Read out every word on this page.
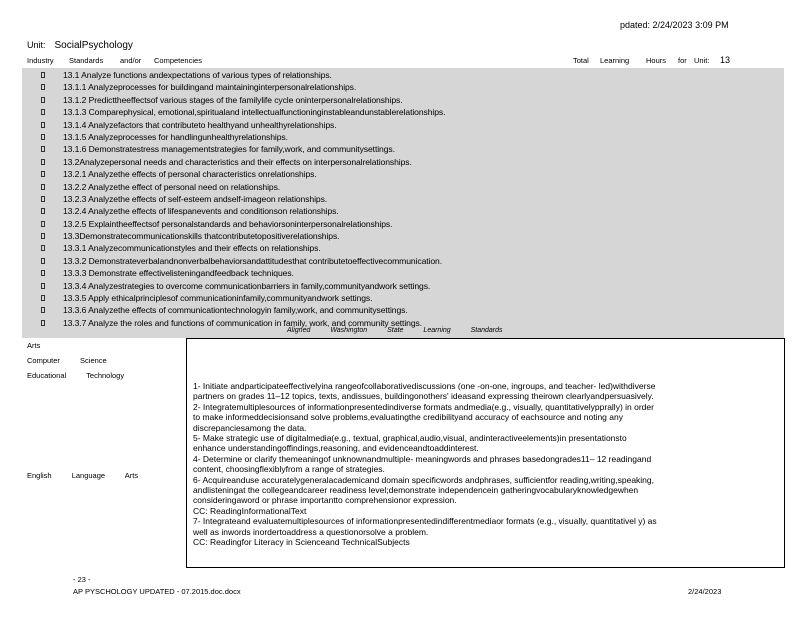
pdated: 2/24/2023 3:09 PM
Unit: SocialPsychology
Industry Standards and/or Competencies	Total Learning Hours for Unit: 13
13.1 Analyze functions andexpectations of various types of relationships.
13.1.1 Analyzeprocesses for buildingand maintaininginterpersonalrelationships.
13.1.2 Predicttheeffectsof various stages of the familylife cycle oninterpersonalrelationships.
13.1.3 Comparephysical, emotional,spiritualand intellectualfunctioninginstableandunstablerelationships.
13.1.4 Analyzefactors that contributeto healthyand unhealthyrelationships.
13.1.5 Analyzeprocesses for handlingunhealthyrelationships.
13.1.6 Demonstratestress managementstrategies for family,work, and communitysettings.
13.2Analyzepersonal needs and characteristics and their effects on interpersonalrelationships.
13.2.1 Analyzethe effects of personal characteristics onrelationships.
13.2.2 Analyzethe effect of personal need on relationships.
13.2.3 Analyzethe effects of self-esteem andself-imageon relationships.
13.2.4 Analyzethe effects of lifespanevents and conditionson relationships.
13.2.5 Explaintheeffectsof personalstandards and behaviorsoninterpersonalrelationships.
13.3Demonstratecommunicationskills thatcontributetopositiverelationships.
13.3.1 Analyzecommunicationstyles and their effects on relationships.
13.3.2 Demonstrateverbalandnonverbalbehaviorsandattitudesthat contributetoeffectivecommunication.
13.3.3 Demonstrate effectivelisteningandfeedback techniques.
13.3.4 Analyzestrategies to overcome communicationbarriers in family,communityandwork settings.
13.3.5 Apply ethicalprinciplesof communicationinfamily,communityandwork settings.
13.3.6 Analyzethe effects of communicationtechnologyin family,work, and communitysettings.
13.3.7 Analyze the roles and functions of communication in family, work, and community settings.
Aligned	Washington	State	Learning	Standards
Arts
Computer	Science
Educational	Technology
English	Language	Arts

1- Initiate andparticipateeffectivelyina rangeofcollaborativediscussions (one -on-one, ingroups, and teacher- led)withdiverse

partners on grades 11–12 topics, texts, andissues, buildingonothers' ideasand expressing theirown clearlyandpersuasively.

2- Integratemultiplesources of informationpresentedindiverse formats andmedia(e.g., visually, quantitativelypprally) in order

to make informeddecisionsand solve problems,evaluatingthe credibilityand accuracy of eachsource and noting any

discrepanciesamong the data.

5- Make strategic use of digitalmedia(e.g., textual, graphical,audio,visual, andinteractiveelements)in presentationsto

enhance understandingoffindings,reasoning, and evidenceandtoaddinterest.

4- Determine or clarify themeaningof unknownandmultiple- meaningwords and phrases basedongrades11– 12 readingand

content, choosingflexiblyfrom a range of strategies.

6- Acquireanduse accuratelygeneralacademicand domain specificwords andphrases, sufficientfor reading,writing,speaking,

andlisteningat the collegeandcareer readiness level;demonstrate independencein gatheringvocabularyknowledgewhen

consideringaword or phrase importantto comprehensionor expression.

CC: ReadingInformationalText

7- Integrateand evaluatemultiplesources of informationpresentedindifferentmediaor formats (e.g., visually, quantitativel y) as

well as inwords inordertoaddress a questionorsolve a problem.

CC: Readingfor Literacy in Scienceand TechnicalSubjects

- 23 -
AP PYSCHOLOGY UPDATED - 07.2015.doc.docx	2/24/2023
